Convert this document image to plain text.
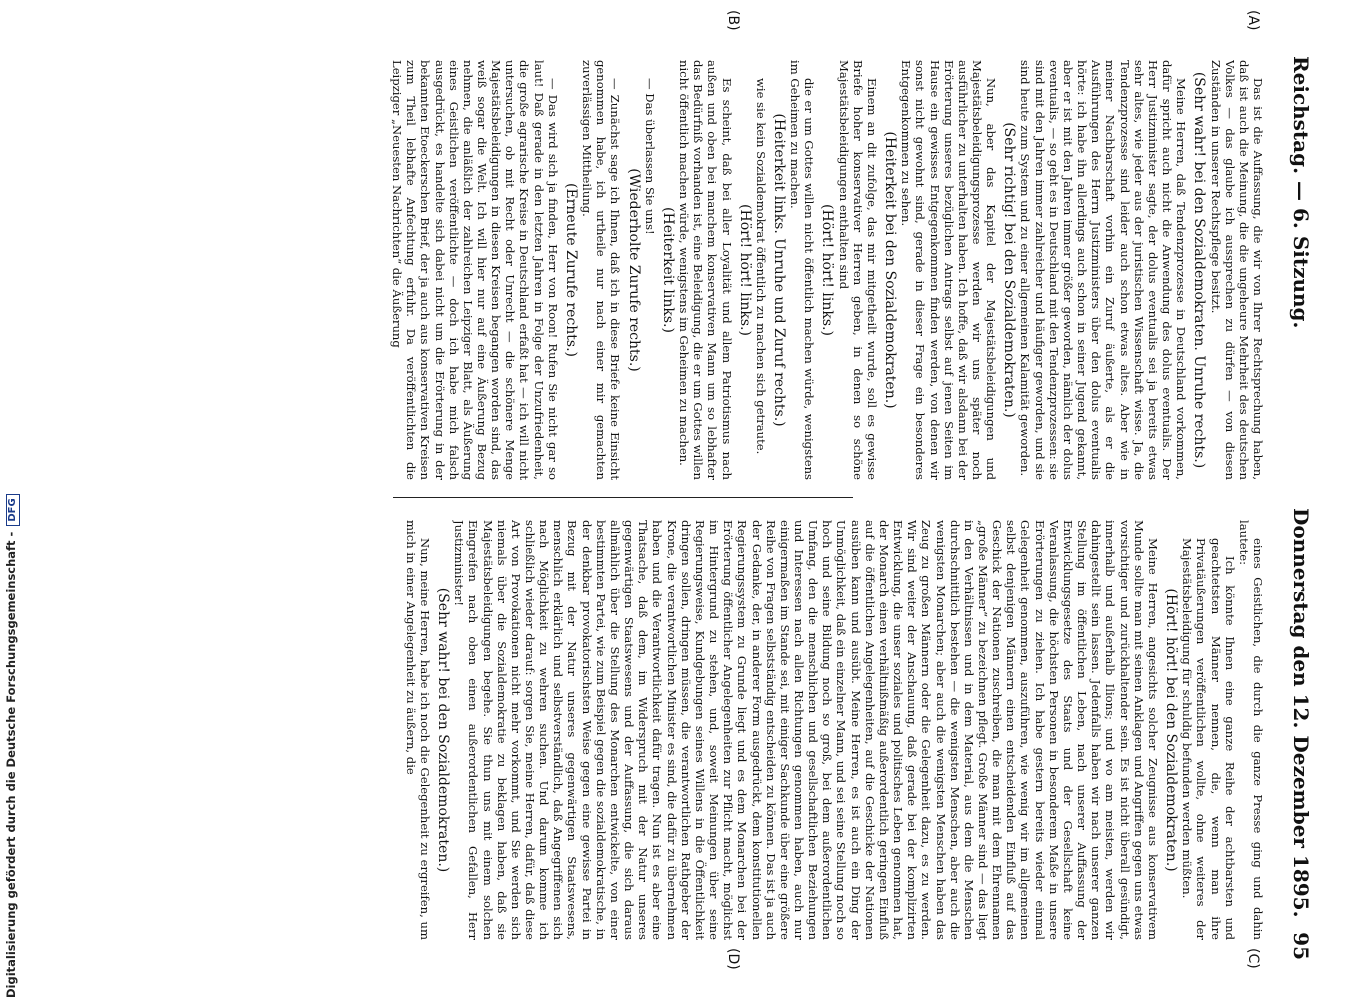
Reichstag. — 6. Sitzung.
Donnerstag den 12. Dezember 1895.
95
(A)
(B)
(C)
(D)

Das ist die Auffassung, die wir von Ihrer Rechtsprechung haben, daß ist auch die Meinung, die die ungeheure Mehrheit des deutschen Volkes — das glaube ich aussprechen zu dürfen — von diesen Zuständen in unserer Rechtspflege besitzt.

(Sehr wahr! bei den Sozialdemokraten. Unruhe rechts.)

Meine Herren, daß Tendenzprozesse in Deutschland vorkommen, dafür spricht auch nicht die Anwendung des dolus eventualis. Der Herr Justizminister sagte, der dolus eventualis sei ja bereits etwas sehr altes, wie jeder aus der juristischen Wissenschaft wisse. Ja, die Tendenzprozesse sind leider auch schon etwas altes. Aber wie in meiner Nachbarschaft vorhin ein Zuruf äußerte, als er die Ausführungen des Herrn Justizministers über den dolus eventualis hörte: ich habe ihn allerdings auch schon in seiner Jugend gekannt, aber er ist mit den Jahren immer größer geworden, nämlich der dolus eventualis, — so geht es in Deutschland mit den Tendenzprozessen: sie sind mit den Jahren immer zahlreicher und häufiger geworden, und sie sind heute zum System und zu einer allgemeinen Kalamität geworden.

(Sehr richtig! bei den Sozialdemokraten.)

Nun, aber das Kapitel der Majestätsbeleidigungen und Majestätsbeleidigungsprozesse werden wir uns später noch ausführlicher zu unterhalten haben. Ich hoffe, daß wir alsdann bei der Erörterung unseres bezüglichen Antrags selbst auf jenen Seiten im Hause ein gewisses Entgegenkommen finden werden, von denen wir sonst nicht gewohnt sind, gerade in dieser Frage ein besonderes Entgegenkommen zu sehen.

(Heiterkeit bei den Sozialdemokraten.)

Einem an dit zufolge, das mir mitgetheilt wurde, soll es gewisse Briefe hoher konservativer Herren geben, in denen so schöne Majestätsbeleidigungen enthalten sind

(Hört! hört! links.)

die er um Gottes willen nicht öffentlich machen würde, wenigstens im Geheimen zu machen.

(Heiterkeit links. Unruhe und Zuruf rechts.)

wie sie kein Sozialdemokrat öffentlich zu machen sich getraute.

(Hört! hört! links.)

Es scheint, daß bei aller Loyalität und allem Patriotismus nach außen und oben bei manchem konservativen Mann um so lebhafter das Bedürfniß vorhanden ist, eine Beleidigung, die er um Gottes willen nicht öffentlich machen würde, wenigstens im Geheimen zu machen.

(Heiterkeit links.)

— Das überlassen Sie uns!

(Wiederholte Zurufe rechts.)

— Zunächst sage ich Ihnen, daß ich in diese Briefe keine Einsicht genommen habe, ich urtheile nur nach einer mir gemachten zuverlässigen Mittheilung.

(Erneute Zurufe rechts.)

— Das wird sich ja finden, Herr von Roon! Rufen Sie nicht gar so laut! Daß gerade in den letzten Jahren in Folge der Unzufriedenheit, die große agrarische Kreise in Deutschland erfaßt hat — ich will nicht untersuchen, ob mit Recht oder Unrecht — die schönere Menge Majestätsbeleidigungen in diesen Kreisen begangen worden sind, das weiß sogar die Welt. Ich will hier nur auf eine Äußerung Bezug nehmen, die anläßlich der zahlreichen Leipziger Blatt, als Äußerung eines Geistlichen veröffentlichte — doch ich habe mich falsch ausgedrückt, es handelte sich dabei nicht um die Erörterung in der bekannten Etoeckerschen Brief, der ja auch aus konservativen Kreisen zum Theil lebhafte Anfechtung erfuhr. Da veröffentlichten die Leipziger „Neuesten Nachrichten“ die Äußerung

eines Geistlichen, die durch die ganze Presse ging und dahin lautete:

Ich könnte Ihnen eine ganze Reihe der achtbarsten und geachtetsten Männer nennen, die, wenn man ihre Privatäußerungen veröffentlichen wollte, ohne weiteres der Majestätsbeleidigung für schuldig befunden werden müßten.

(Hört! hört! bei den Sozialdemokraten.)

Meine Herren, angesichts solcher Zeugnisse aus konservativem Munde sollte man mit seinen Anklagen und Angriffen gegen uns etwas vorsichtiger und zurückhaltender sein. Es ist nicht überall gesündigt, innerhalb und außerhalb Ilions; und wo am meisten, werden wir dahingestellt sein lassen. Jedenfalls haben wir nach unserer ganzen Stellung im öffentlichen Leben, nach unserer Auffassung der Entwicklungsgesetze des Staats und der Gesellschaft keine Veranlassung, die höchsten Personen in besonderem Maße in unsere Erörterungen zu ziehen. Ich habe gestern bereits wieder einmal Gelegenheit genommen, auszuführen, wie wenig wir im allgemeinen selbst denjenigen Männern einen entscheidenden Einfluß auf das Geschick der Nationen zuschreiben, die man mit dem Ehrennamen „große Männer“ zu bezeichnen pflegt. Große Männer sind — das liegt in den Verhältnissen und in dem Material, aus dem die Menschen durchschnittlich bestehen — die wenigsten Menschen, aber auch die wenigsten Monarchen; aber auch die wenigsten Menschen haben das Zeug zu großen Männern oder die Gelegenheit dazu, es zu werden. Wir sind weiter der Anschauung, daß gerade bei der komplizirten Entwicklung, die unser soziales und politisches Leben genommen hat, der Monarch einen verhältnißmäßig außerordentlich geringen Einfluß auf die öffentlichen Angelegenheiten, auf die Geschicke der Nationen ausüben kann und ausübt. Meine Herren, es ist auch ein Ding der Unmöglichkeit, daß ein einzelner Mann, und sei seine Stellung noch so hoch und seine Bildung noch so groß, bei dem außerordentlichen Umfang, den die menschlichen und gesellschaftlichen Beziehungen und Interessen nach allen Richtungen genommen haben, auch nur einigermaßen im Stande sei, mit einiger Sachkunde über eine größere Reihe von Fragen selbstständig entscheiden zu können. Das ist ja auch der Gedanke, der, in anderer Form ausgedrückt, dem konstitutionellen Regierungssystem zu Grunde liegt und es dem Monarchen bei der Erörterung öffentlicher Angelegenheiten zur Pflicht macht, möglichst im Hintergrund zu stehen, und, soweit Meinungen über seine Regierungsweise, Kundgebungen seines Willens in die Öffentlichkeit dringen sollen, dringen müssen, die verantwortlichen Rathgeber der Krone, die verantwortlichen Minister es sind, die dafür zu übernehmen haben und die Verantwortlichkeit dafür tragen. Nun ist es aber eine Thatsache, daß dem, im Widerspruch mit der Natur unseres gegenwärtigen Staatswesens und der Auffassung, die sich daraus allmählich über die Stellung des Monarchen entwickelte, von einer bestimmten Partei, wie zum Beispiel gegen die sozialdemokratische, in der denkbar provokatorischsten Weise gegen eine gewisse Partei in Bezug mit der Natur unseres gegenwärtigen Staatswesens, menschlich erklärlich und selbstverständlich, daß Angegriffenen sich nach Möglichkeit zu wehren suchen. Und darum komme ich schließlich wieder darauf: sorgen Sie, meine Herren, dafür, daß diese Art von Provokationen nicht mehr vorkommt, und Sie werden sich niemals über die Sozialdemokratie zu beklagen haben, daß sie Majestätsbeleidigungen begehe. Sie thun uns mit einem solchen Eingreifen nach oben einen außerordentlichen Gefallen, Herr Justizminister!

(Sehr wahr! bei den Sozialdemokraten.)

Nun, meine Herren, habe ich noch die Gelegenheit zu ergreifen, um mich in einer Angelegenheit zu äußern, die

Digitalisierung gefördert durch die Deutsche Forschungsgemeinschaft -DFG
